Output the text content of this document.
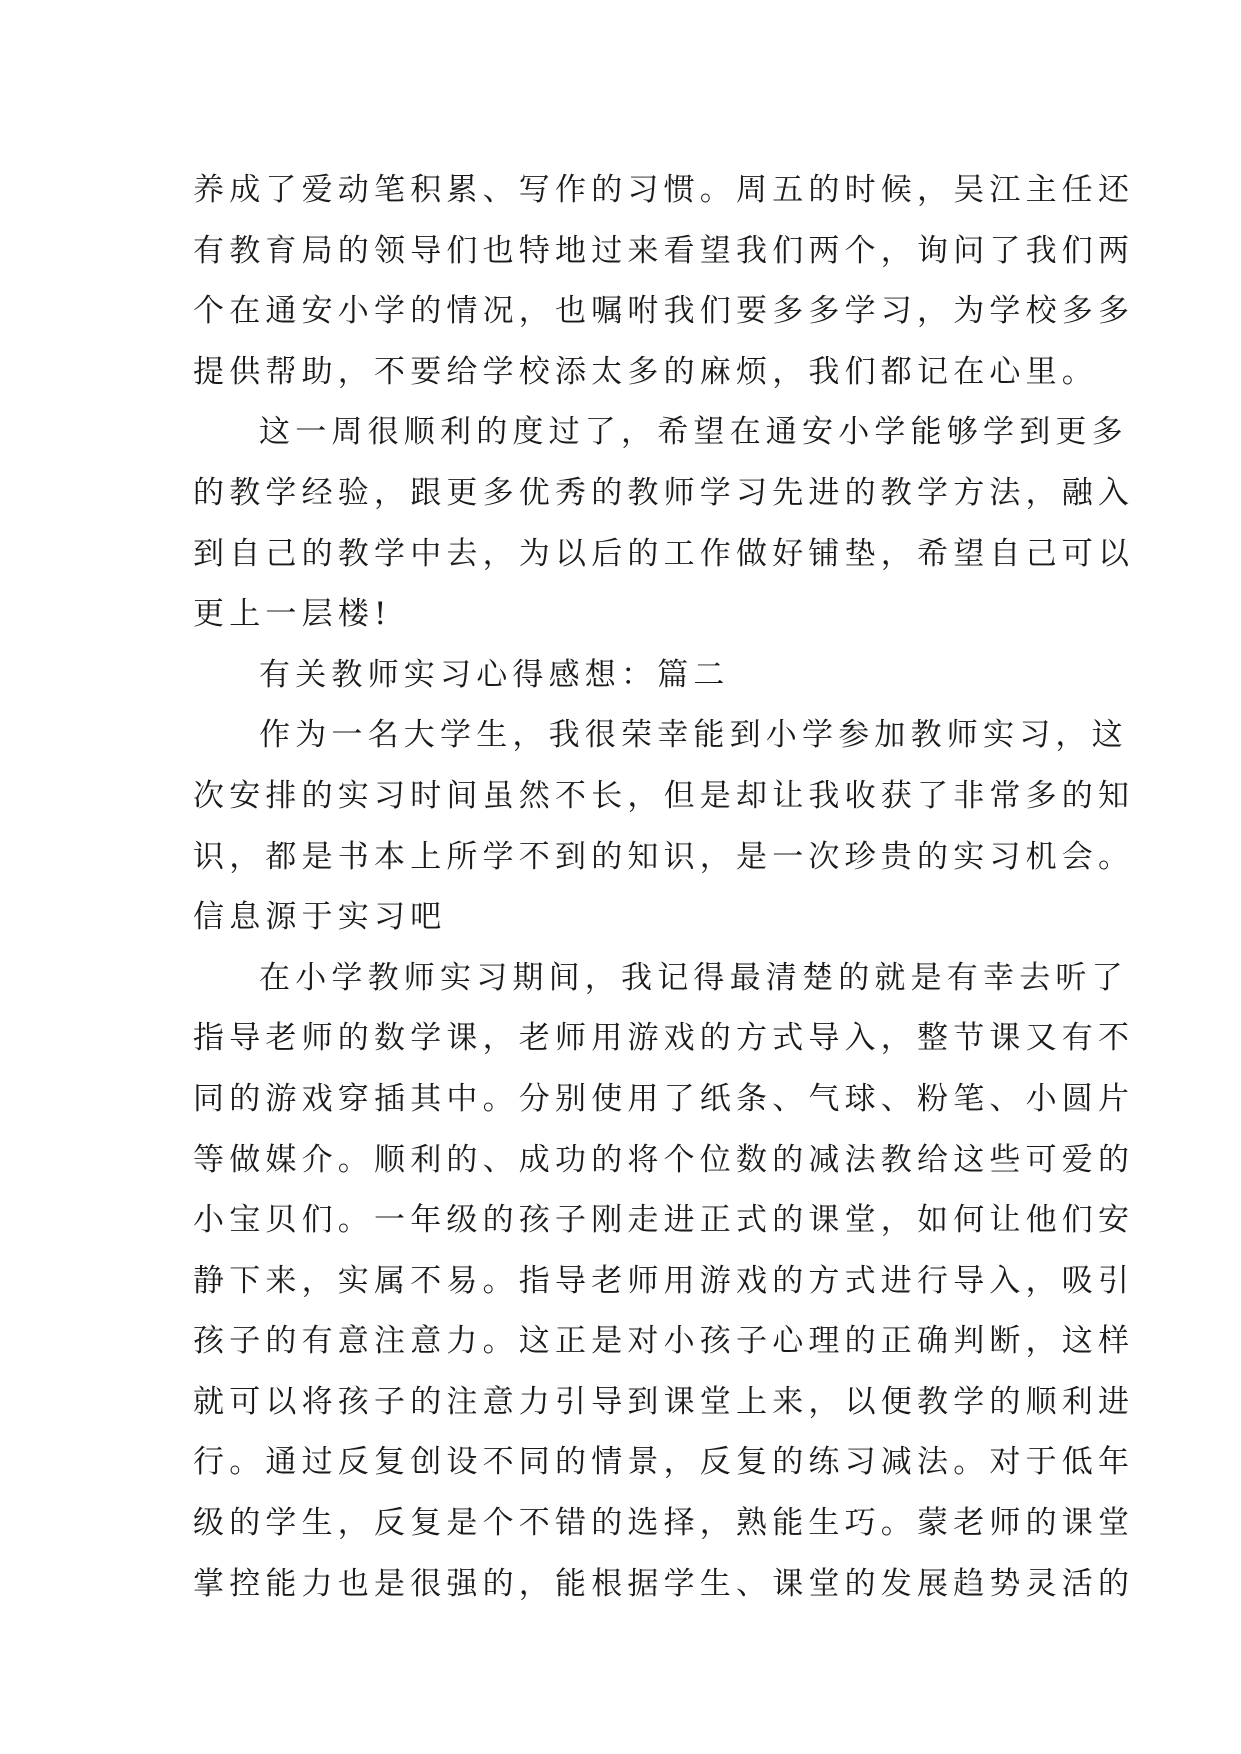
养成了爱动笔积累、写作的习惯。周五的时候，吴江主任还
有教育局的领导们也特地过来看望我们两个，询问了我们两
个在通安小学的情况，也嘱咐我们要多多学习，为学校多多
提供帮助，不要给学校添太多的麻烦，我们都记在心里。
这一周很顺利的度过了，希望在通安小学能够学到更多
的教学经验，跟更多优秀的教师学习先进的教学方法，融入
到自己的教学中去，为以后的工作做好铺垫，希望自己可以
更上一层楼!
有关教师实习心得感想：篇二
作为一名大学生，我很荣幸能到小学参加教师实习，这
次安排的实习时间虽然不长，但是却让我收获了非常多的知
识，都是书本上所学不到的知识，是一次珍贵的实习机会。
信息源于实习吧
在小学教师实习期间，我记得最清楚的就是有幸去听了
指导老师的数学课，老师用游戏的方式导入，整节课又有不
同的游戏穿插其中。分别使用了纸条、气球、粉笔、小圆片
等做媒介。顺利的、成功的将个位数的减法教给这些可爱的
小宝贝们。一年级的孩子刚走进正式的课堂，如何让他们安
静下来，实属不易。指导老师用游戏的方式进行导入，吸引
孩子的有意注意力。这正是对小孩子心理的正确判断，这样
就可以将孩子的注意力引导到课堂上来，以便教学的顺利进
行。通过反复创设不同的情景，反复的练习减法。对于低年
级的学生，反复是个不错的选择，熟能生巧。蒙老师的课堂
掌控能力也是很强的，能根据学生、课堂的发展趋势灵活的
